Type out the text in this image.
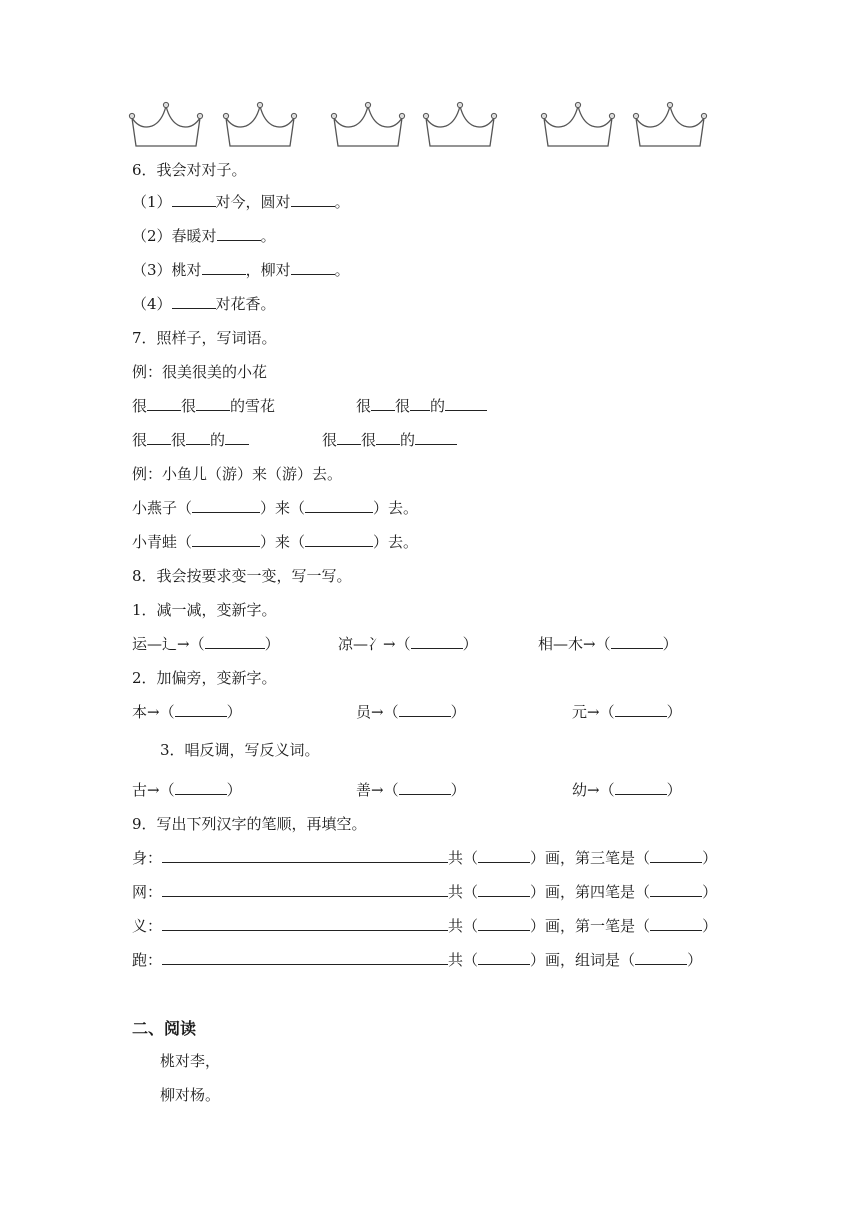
6．我会对对子。
（1）	对今，圆对	。
（2）春暖对	。
（3）桃对	，柳对	。
（4）	对花香。
7．照样子，写词语。
例：很美很美的小花
很 很 的雪花	很 很 的
很 很 的	很 很 的
例：小鱼儿（游）来（游）去。
小燕子（	）来（	）去。
小青蛙（	）来（	）去。
8．我会按要求变一变，写一写。
1．减一减，变新字。
运—辶→（	）	凉—冫→（	）	相—木→（	）
2．加偏旁，变新字。
本→（	）	员→（	）	元→（	）
3．唱反调，写反义词。
古→（	）	善→（	）	幼→（	）
9．写出下列汉字的笔顺，再填空。
身：	共（	）画，第三笔是（	）
网：	共（	）画，第四笔是（	）
义：	共（	）画，第一笔是（	）
跑：	共（	）画，组词是（	）
二、阅读
桃对李，
柳对杨。
